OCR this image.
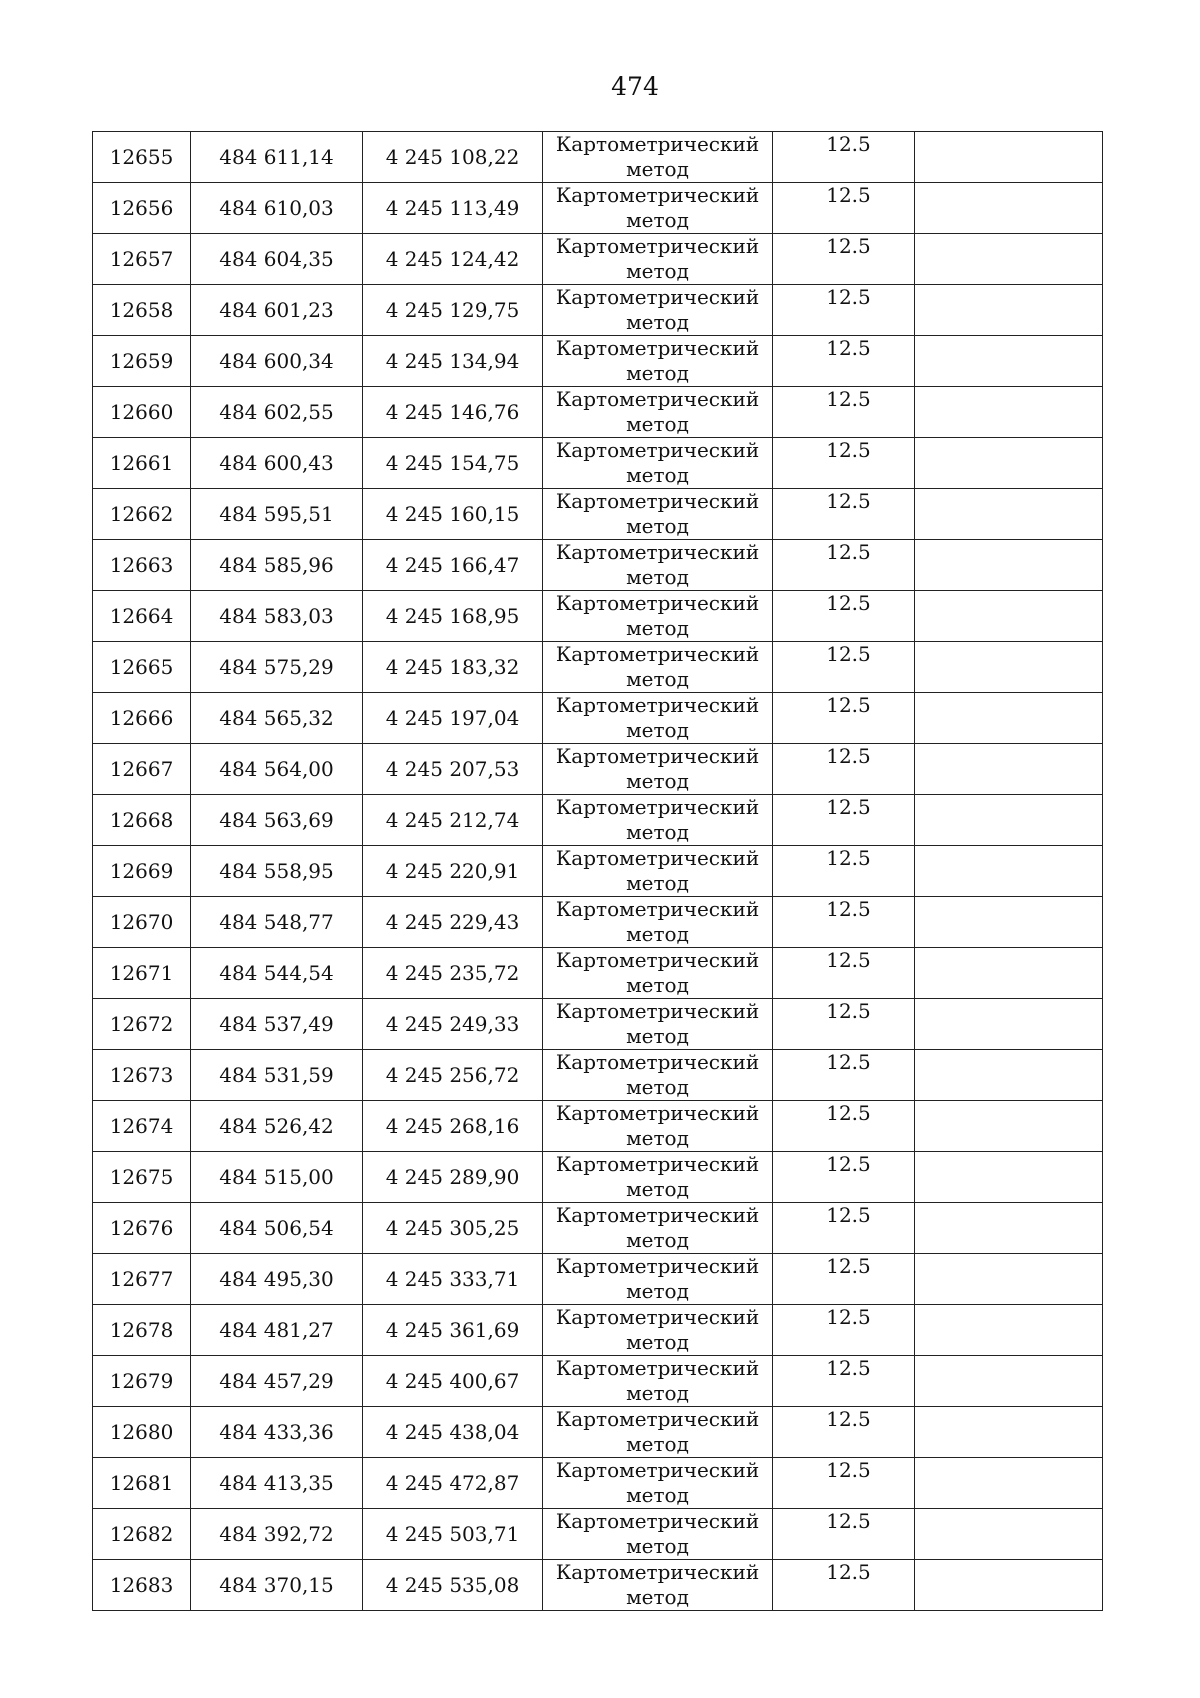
474
12655	484 611,14	4 245 108,22	Картометрический
метод	12.5	

12656	484 610,03	4 245 113,49	Картометрический
метод	12.5	

12657	484 604,35	4 245 124,42	Картометрический
метод	12.5	

12658	484 601,23	4 245 129,75	Картометрический
метод	12.5	

12659	484 600,34	4 245 134,94	Картометрический
метод	12.5	

12660	484 602,55	4 245 146,76	Картометрический
метод	12.5	

12661	484 600,43	4 245 154,75	Картометрический
метод	12.5	

12662	484 595,51	4 245 160,15	Картометрический
метод	12.5	

12663	484 585,96	4 245 166,47	Картометрический
метод	12.5	

12664	484 583,03	4 245 168,95	Картометрический
метод	12.5	

12665	484 575,29	4 245 183,32	Картометрический
метод	12.5	

12666	484 565,32	4 245 197,04	Картометрический
метод	12.5	

12667	484 564,00	4 245 207,53	Картометрический
метод	12.5	

12668	484 563,69	4 245 212,74	Картометрический
метод	12.5	

12669	484 558,95	4 245 220,91	Картометрический
метод	12.5	

12670	484 548,77	4 245 229,43	Картометрический
метод	12.5	

12671	484 544,54	4 245 235,72	Картометрический
метод	12.5	

12672	484 537,49	4 245 249,33	Картометрический
метод	12.5	

12673	484 531,59	4 245 256,72	Картометрический
метод	12.5	

12674	484 526,42	4 245 268,16	Картометрический
метод	12.5	

12675	484 515,00	4 245 289,90	Картометрический
метод	12.5	

12676	484 506,54	4 245 305,25	Картометрический
метод	12.5	

12677	484 495,30	4 245 333,71	Картометрический
метод	12.5	

12678	484 481,27	4 245 361,69	Картометрический
метод	12.5	

12679	484 457,29	4 245 400,67	Картометрический
метод	12.5	

12680	484 433,36	4 245 438,04	Картометрический
метод	12.5	

12681	484 413,35	4 245 472,87	Картометрический
метод	12.5	

12682	484 392,72	4 245 503,71	Картометрический
метод	12.5	

12683	484 370,15	4 245 535,08	Картометрический
метод	12.5	
